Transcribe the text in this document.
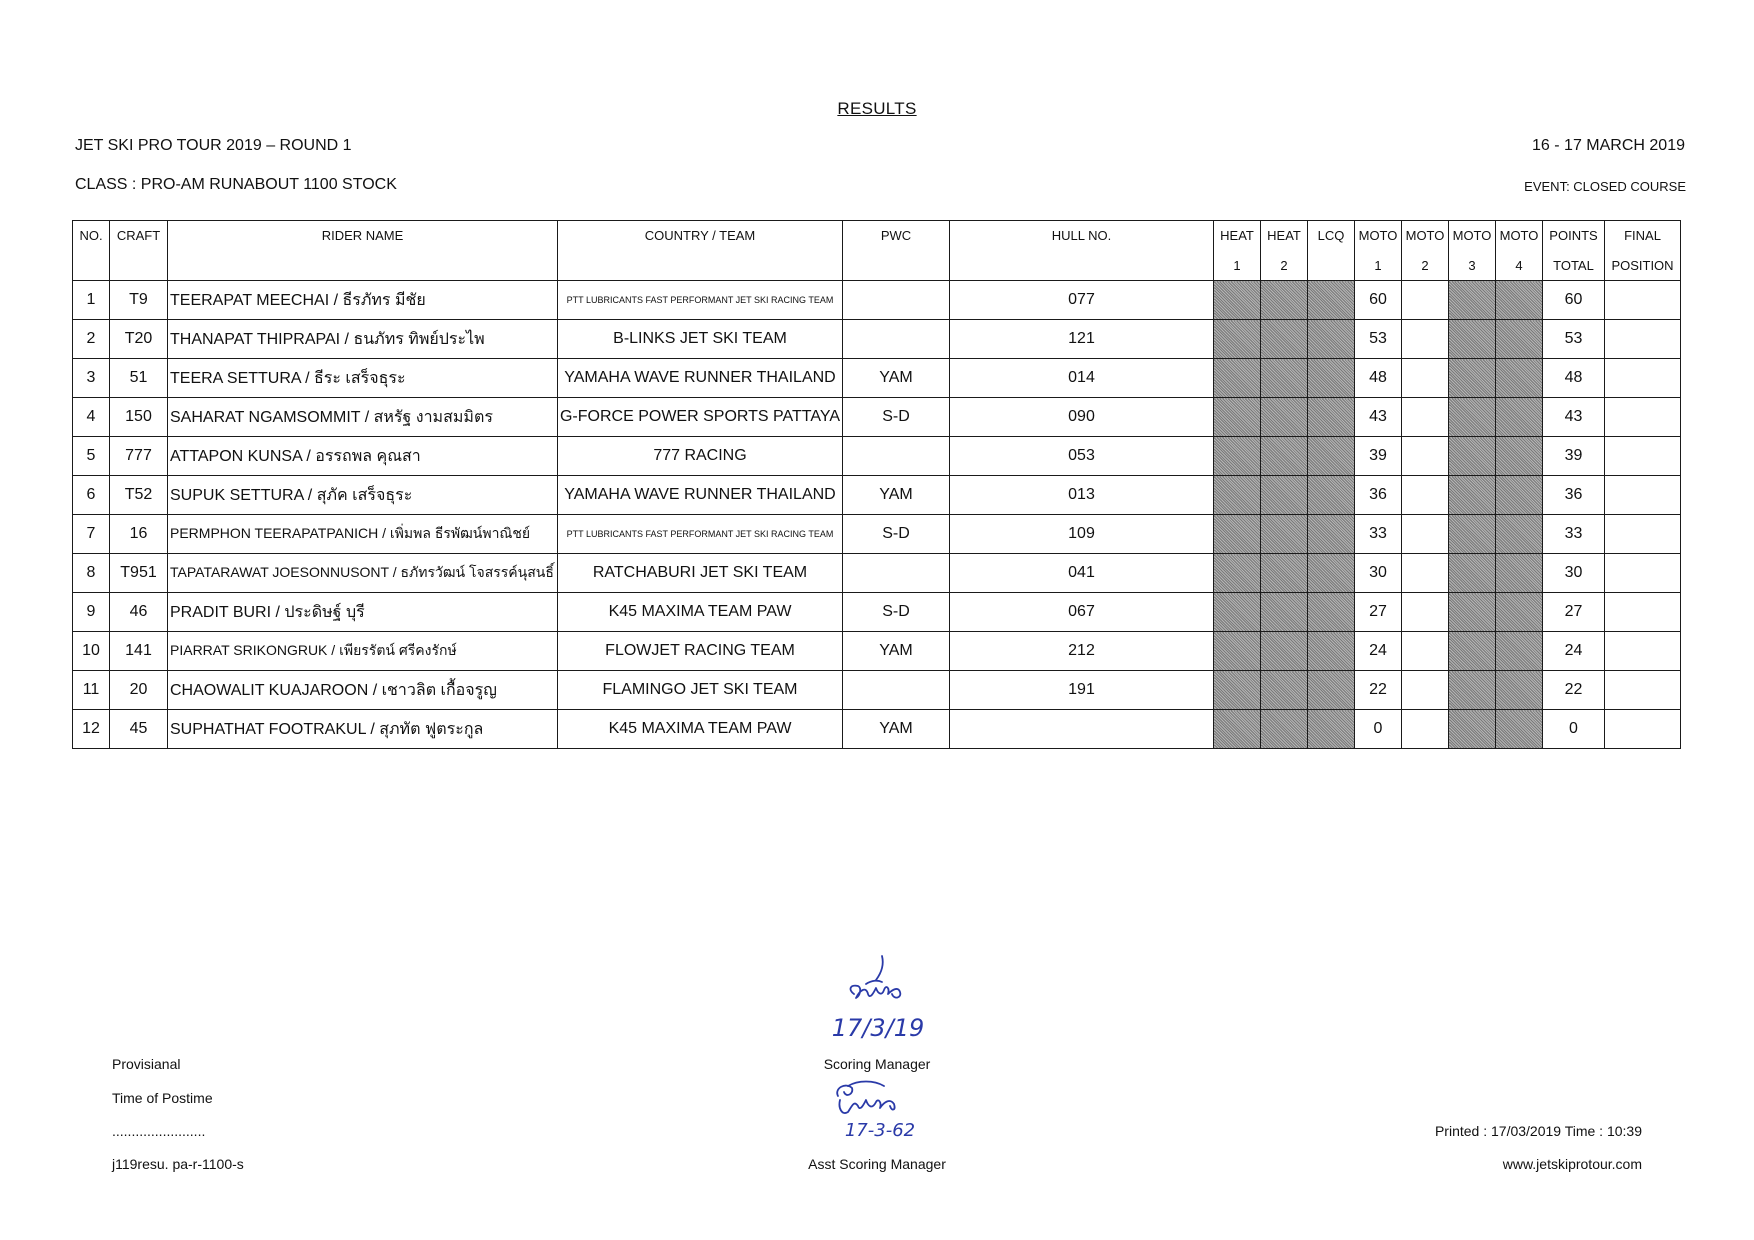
RESULTS
JET SKI PRO TOUR 2019 – ROUND 1	16 - 17 MARCH 2019
CLASS : PRO-AM RUNABOUT 1100 STOCK	EVENT: CLOSED COURSE
NO.	CRAFT	RIDER NAME	COUNTRY / TEAM	PWC	HULL NO.	HEAT	HEAT	LCQ	MOTO	MOTO	MOTO	MOTO	POINTS	FINAL
						1	2		1	2	3	4	TOTAL	POSITION
1	T9	TEERAPAT MEECHAI / ธีรภัทร มีชัย	PTT LUBRICANTS FAST PERFORMANT JET SKI RACING TEAM		077				60				60	
2	T20	THANAPAT THIPRAPAI / ธนภัทร ทิพย์ประไพ	B-LINKS JET SKI TEAM		121				53				53	
3	51	TEERA SETTURA / ธีระ เสร็จธุระ	YAMAHA WAVE RUNNER THAILAND	YAM	014				48				48	
4	150	SAHARAT NGAMSOMMIT / สหรัฐ งามสมมิตร	G-FORCE POWER SPORTS PATTAYA	S-D	090				43				43	
5	777	ATTAPON KUNSA / อรรถพล คุณสา	777 RACING		053				39				39	
6	T52	SUPUK SETTURA / สุภัค เสร็จธุระ	YAMAHA WAVE RUNNER THAILAND	YAM	013				36				36	
7	16	PERMPHON TEERAPATPANICH / เพิ่มพล ธีรพัฒน์พาณิชย์	PTT LUBRICANTS FAST PERFORMANT JET SKI RACING TEAM	S-D	109				33				33	
8	T951	TAPATARAWAT JOESONNUSONT / ธภัทรวัฒน์ โจสรรค์นุสนธิ์	RATCHABURI JET SKI TEAM		041				30				30	
9	46	PRADIT BURI / ประดิษฐ์ บุรี	K45 MAXIMA TEAM PAW	S-D	067				27				27	
10	141	PIARRAT SRIKONGRUK / เพียรรัตน์ ศรีคงรักษ์	FLOWJET RACING TEAM	YAM	212				24				24	
11	20	CHAOWALIT KUAJAROON / เชาวลิต เกื้อจรูญ	FLAMINGO JET SKI TEAM		191				22				22	
12	45	SUPHATHAT FOOTRAKUL / สุภทัต ฟูตระกูล	K45 MAXIMA TEAM PAW	YAM					0				0	
17/3/19
17-3-62
Provisianal
Time of Postime
........................
j119resu. pa-r-1100-s
Scoring Manager
Asst Scoring Manager
Printed : 17/03/2019 Time : 10:39
www.jetskiprotour.com
